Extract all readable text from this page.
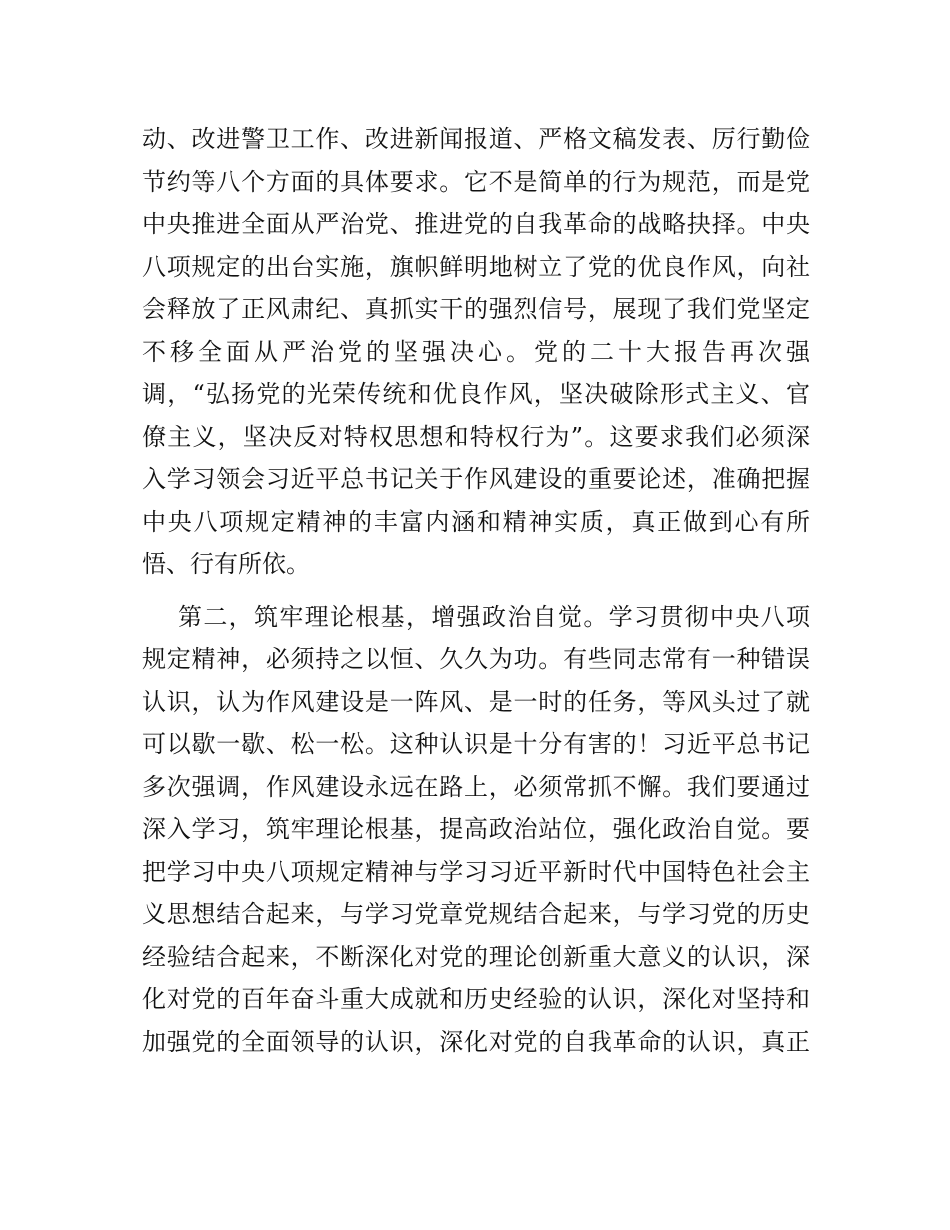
动、改进警卫工作、改进新闻报道、严格文稿发表、厉行勤俭
节约等八个方面的具体要求。它不是简单的行为规范，而是党
中央推进全面从严治党、推进党的自我革命的战略抉择。中央
八项规定的出台实施，旗帜鲜明地树立了党的优良作风，向社
会释放了正风肃纪、真抓实干的强烈信号，展现了我们党坚定
不移全面从严治党的坚强决心。党的二十大报告再次强
调，“弘扬党的光荣传统和优良作风，坚决破除形式主义、官
僚主义，坚决反对特权思想和特权行为”。这要求我们必须深
入学习领会习近平总书记关于作风建设的重要论述，准确把握
中央八项规定精神的丰富内涵和精神实质，真正做到心有所
悟、行有所依。
第二，筑牢理论根基，增强政治自觉。学习贯彻中央八项
规定精神，必须持之以恒、久久为功。有些同志常有一种错误
认识，认为作风建设是一阵风、是一时的任务，等风头过了就
可以歇一歇、松一松。这种认识是十分有害的！习近平总书记
多次强调，作风建设永远在路上，必须常抓不懈。我们要通过
深入学习，筑牢理论根基，提高政治站位，强化政治自觉。要
把学习中央八项规定精神与学习习近平新时代中国特色社会主
义思想结合起来，与学习党章党规结合起来，与学习党的历史
经验结合起来，不断深化对党的理论创新重大意义的认识，深
化对党的百年奋斗重大成就和历史经验的认识，深化对坚持和
加强党的全面领导的认识，深化对党的自我革命的认识，真正
